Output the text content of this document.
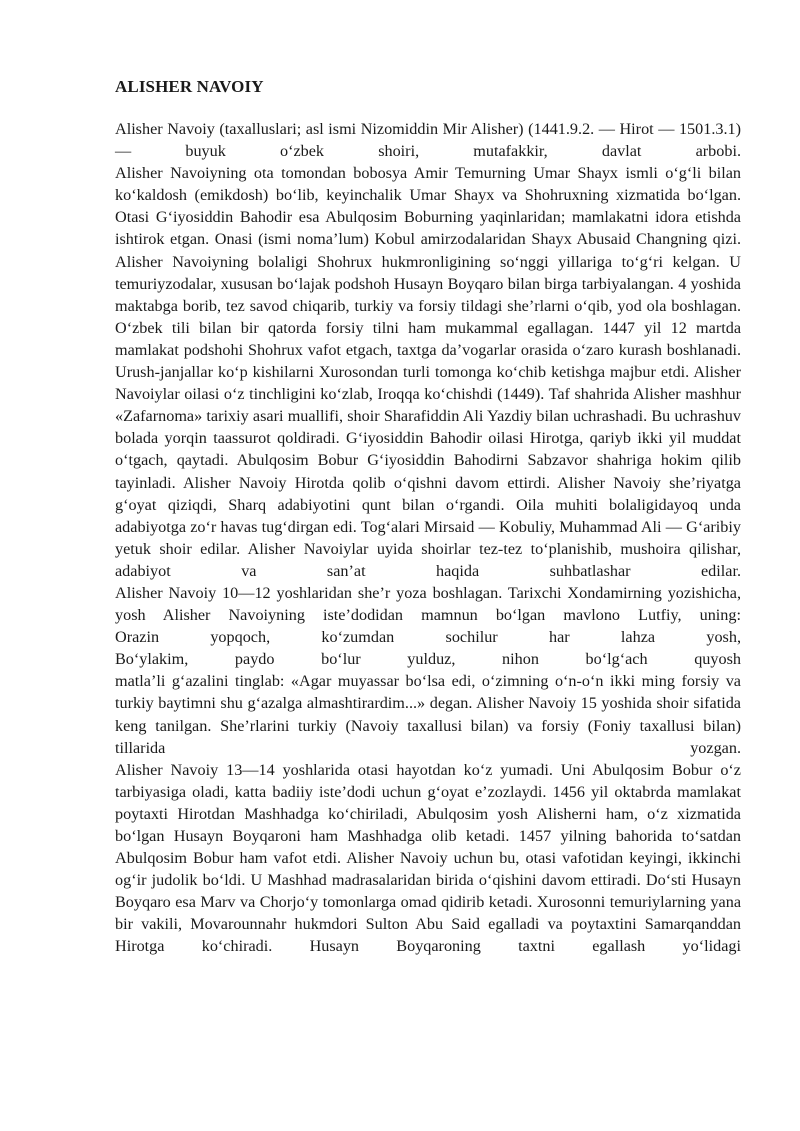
ALISHER NAVOIY
Alisher Navoiy (taxalluslari; asl ismi Nizomiddin Mir Alisher) (1441.9.2. — Hirot — 1501.3.1) — buyuk oʻzbek shoiri, mutafakkir, davlat arbobi.
Alisher Navoiyning ota tomondan bobosya Amir Temurning Umar Shayx ismli oʻgʻli bilan koʻkaldosh (emikdosh) boʻlib, keyinchalik Umar Shayx va Shohruxning xizmatida boʻlgan. Otasi Gʻiyosiddin Bahodir esa Abulqosim Boburning yaqinlaridan; mamlakatni idora etishda ishtirok etgan. Onasi (ismi nomaʼlum) Kobul amirzodalaridan Shayx Abusaid Changning qizi. Alisher Navoiyning bolaligi Shohrux hukmronligining soʻnggi yillariga toʻgʻri kelgan. U temuriyzodalar, xususan boʻlajak podshoh Husayn Boyqaro bilan birga tarbiyalangan. 4 yoshida maktabga borib, tez savod chiqarib, turkiy va forsiy tildagi sheʼrlarni oʻqib, yod ola boshlagan. Oʻzbek tili bilan bir qatorda forsiy tilni ham mukammal egallagan. 1447 yil 12 martda mamlakat podshohi Shohrux vafot etgach, taxtga daʼvogarlar orasida oʻzaro kurash boshlanadi. Urush-janjallar koʻp kishilarni Xurosondan turli tomonga koʻchib ketishga majbur etdi. Alisher Navoiylar oilasi oʻz tinchligini koʻzlab, Iroqqa koʻchishdi (1449). Taf shahrida Alisher mashhur «Zafarnoma» tarixiy asari muallifi, shoir Sharafiddin Ali Yazdiy bilan uchrashadi. Bu uchrashuv bolada yorqin taassurot qoldiradi. Gʻiyosiddin Bahodir oilasi Hirotga, qariyb ikki yil muddat oʻtgach, qaytadi. Abulqosim Bobur Gʻiyosiddin Bahodirni Sabzavor shahriga hokim qilib tayinladi. Alisher Navoiy Hirotda qolib oʻqishni davom ettirdi. Alisher Navoiy sheʼriyatga gʻoyat qiziqdi, Sharq adabiyotini qunt bilan oʻrgandi. Oila muhiti bolaligidayoq unda adabiyotga zoʻr havas tugʻdirgan edi. Togʻalari Mirsaid — Kobuliy, Muhammad Ali — Gʻaribiy yetuk shoir edilar. Alisher Navoiylar uyida shoirlar tez-tez toʻplanishib, mushoira qilishar, adabiyot va sanʼat haqida suhbatlashar edilar.
Alisher Navoiy 10—12 yoshlaridan sheʼr yoza boshlagan. Tarixchi Xondamirning yozishicha, yosh Alisher Navoiyning isteʼdodidan mamnun boʻlgan mavlono Lutfiy, uning:
Orazin yopqoch, koʻzumdan sochilur har lahza yosh,
Boʻylakim, paydo boʻlur yulduz, nihon boʻlgʻach quyosh
matlaʼli gʻazalini tinglab: «Agar muyassar boʻlsa edi, oʻzimning oʻn-oʻn ikki ming forsiy va turkiy baytimni shu gʻazalga almashtirardim...» degan. Alisher Navoiy 15 yoshida shoir sifatida keng tanilgan. Sheʼrlarini turkiy (Navoiy taxallusi bilan) va forsiy (Foniy taxallusi bilan) tillarida yozgan.
Alisher Navoiy 13—14 yoshlarida otasi hayotdan koʻz yumadi. Uni Abulqosim Bobur oʻz tarbiyasiga oladi, katta badiiy isteʼdodi uchun gʻoyat eʼzozlaydi. 1456 yil oktabrda mamlakat poytaxti Hirotdan Mashhadga koʻchiriladi, Abulqosim yosh Alisherni ham, oʻz xizmatida boʻlgan Husayn Boyqaroni ham Mashhadga olib ketadi. 1457 yilning bahorida toʻsatdan Abulqosim Bobur ham vafot etdi. Alisher Navoiy uchun bu, otasi vafotidan keyingi, ikkinchi ogʻir judolik boʻldi. U Mashhad madrasalaridan birida oʻqishini davom ettiradi. Doʻsti Husayn Boyqaro esa Marv va Chorjoʻy tomonlarga omad qidirib ketadi. Xurosonni temuriylarning yana bir vakili, Movarounnahr hukmdori Sulton Abu Said egalladi va poytaxtini Samarqanddan Hirotga koʻchiradi. Husayn Boyqaroning taxtni egallash yoʻlidagi
